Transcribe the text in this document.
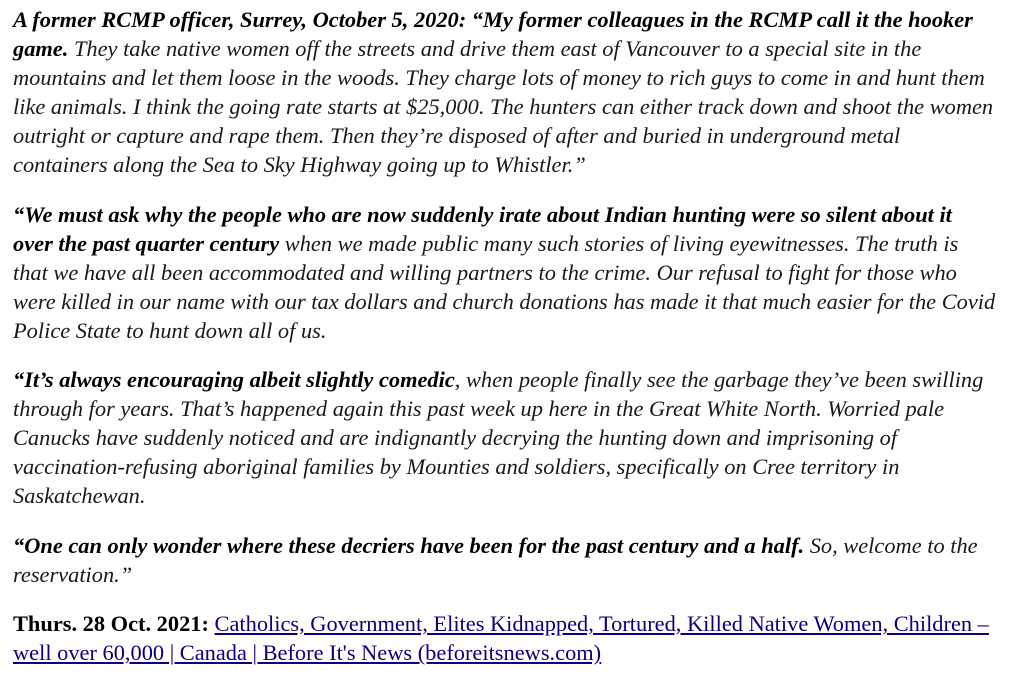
A former RCMP officer, Surrey, October 5, 2020: “My former colleagues in the RCMP call it the hooker game. They take native women off the streets and drive them east of Vancouver to a special site in the mountains and let them loose in the woods. They charge lots of money to rich guys to come in and hunt them like animals. I think the going rate starts at $25,000. The hunters can either track down and shoot the women outright or capture and rape them. Then they’re disposed of after and buried in underground metal containers along the Sea to Sky Highway going up to Whistler.”

“We must ask why the people who are now suddenly irate about Indian hunting were so silent about it over the past quarter century when we made public many such stories of living eyewitnesses. The truth is that we have all been accommodated and willing partners to the crime. Our refusal to fight for those who were killed in our name with our tax dollars and church donations has made it that much easier for the Covid Police State to hunt down all of us.

“It’s always encouraging albeit slightly comedic, when people finally see the garbage they’ve been swilling through for years. That’s happened again this past week up here in the Great White North. Worried pale Canucks have suddenly noticed and are indignantly decrying the hunting down and imprisoning of vaccination-refusing aboriginal families by Mounties and soldiers, specifically on Cree territory in Saskatchewan.

“One can only wonder where these decriers have been for the past century and a half. So, welcome to the reservation.”

Thurs. 28 Oct. 2021: Catholics, Government, Elites Kidnapped, Tortured, Killed Native Women, Children – well over 60,000 | Canada | Before It's News (beforeitsnews.com)
